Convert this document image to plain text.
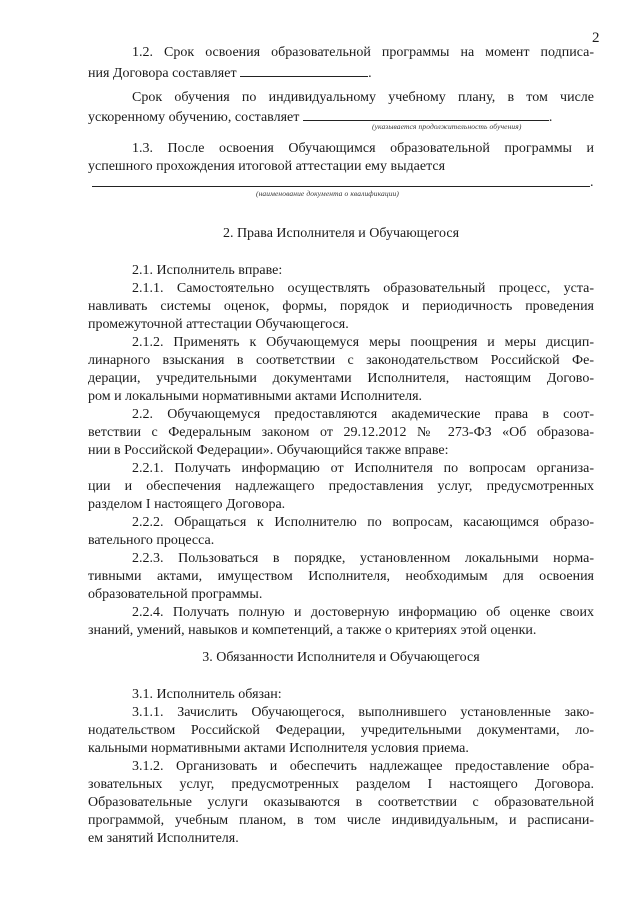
2
1.2. Срок освоения образовательной программы на момент подписа-
ния Договора составляет	.
Срок обучения по индивидуальному учебному плану, в том числе
ускоренному обучению, составляет	.
(указывается продолжительность обучения)
1.3. После освоения Обучающимся образовательной программы и
успешного прохождения итоговой аттестации ему выдается
.
(наименование документа о квалификации)
2. Права Исполнителя и Обучающегося
2.1. Исполнитель вправе:
2.1.1. Самостоятельно осуществлять образовательный процесс, уста-
навливать системы оценок, формы, порядок и периодичность проведения
промежуточной аттестации Обучающегося.
2.1.2. Применять к Обучающемуся меры поощрения и меры дисцип-
линарного взыскания в соответствии с законодательством Российской Фе-
дерации, учредительными документами Исполнителя, настоящим Догово-
ром и локальными нормативными актами Исполнителя.
2.2. Обучающемуся предоставляются академические права в соот-
ветствии с Федеральным законом от 29.12.2012 № 273-ФЗ «Об образова-
нии в Российской Федерации». Обучающийся также вправе:
2.2.1. Получать информацию от Исполнителя по вопросам организа-
ции и обеспечения надлежащего предоставления услуг, предусмотренных
разделом I настоящего Договора.
2.2.2. Обращаться к Исполнителю по вопросам, касающимся образо-
вательного процесса.
2.2.3. Пользоваться в порядке, установленном локальными норма-
тивными актами, имуществом Исполнителя, необходимым для освоения
образовательной программы.
2.2.4. Получать полную и достоверную информацию об оценке своих
знаний, умений, навыков и компетенций, а также о критериях этой оценки.
3. Обязанности Исполнителя и Обучающегося
3.1. Исполнитель обязан:
3.1.1. Зачислить Обучающегося, выполнившего установленные зако-
нодательством Российской Федерации, учредительными документами, ло-
кальными нормативными актами Исполнителя условия приема.
3.1.2. Организовать и обеспечить надлежащее предоставление обра-
зовательных услуг, предусмотренных разделом I настоящего Договора.
Образовательные услуги оказываются в соответствии с образовательной
программой, учебным планом, в том числе индивидуальным, и расписани-
ем занятий Исполнителя.
